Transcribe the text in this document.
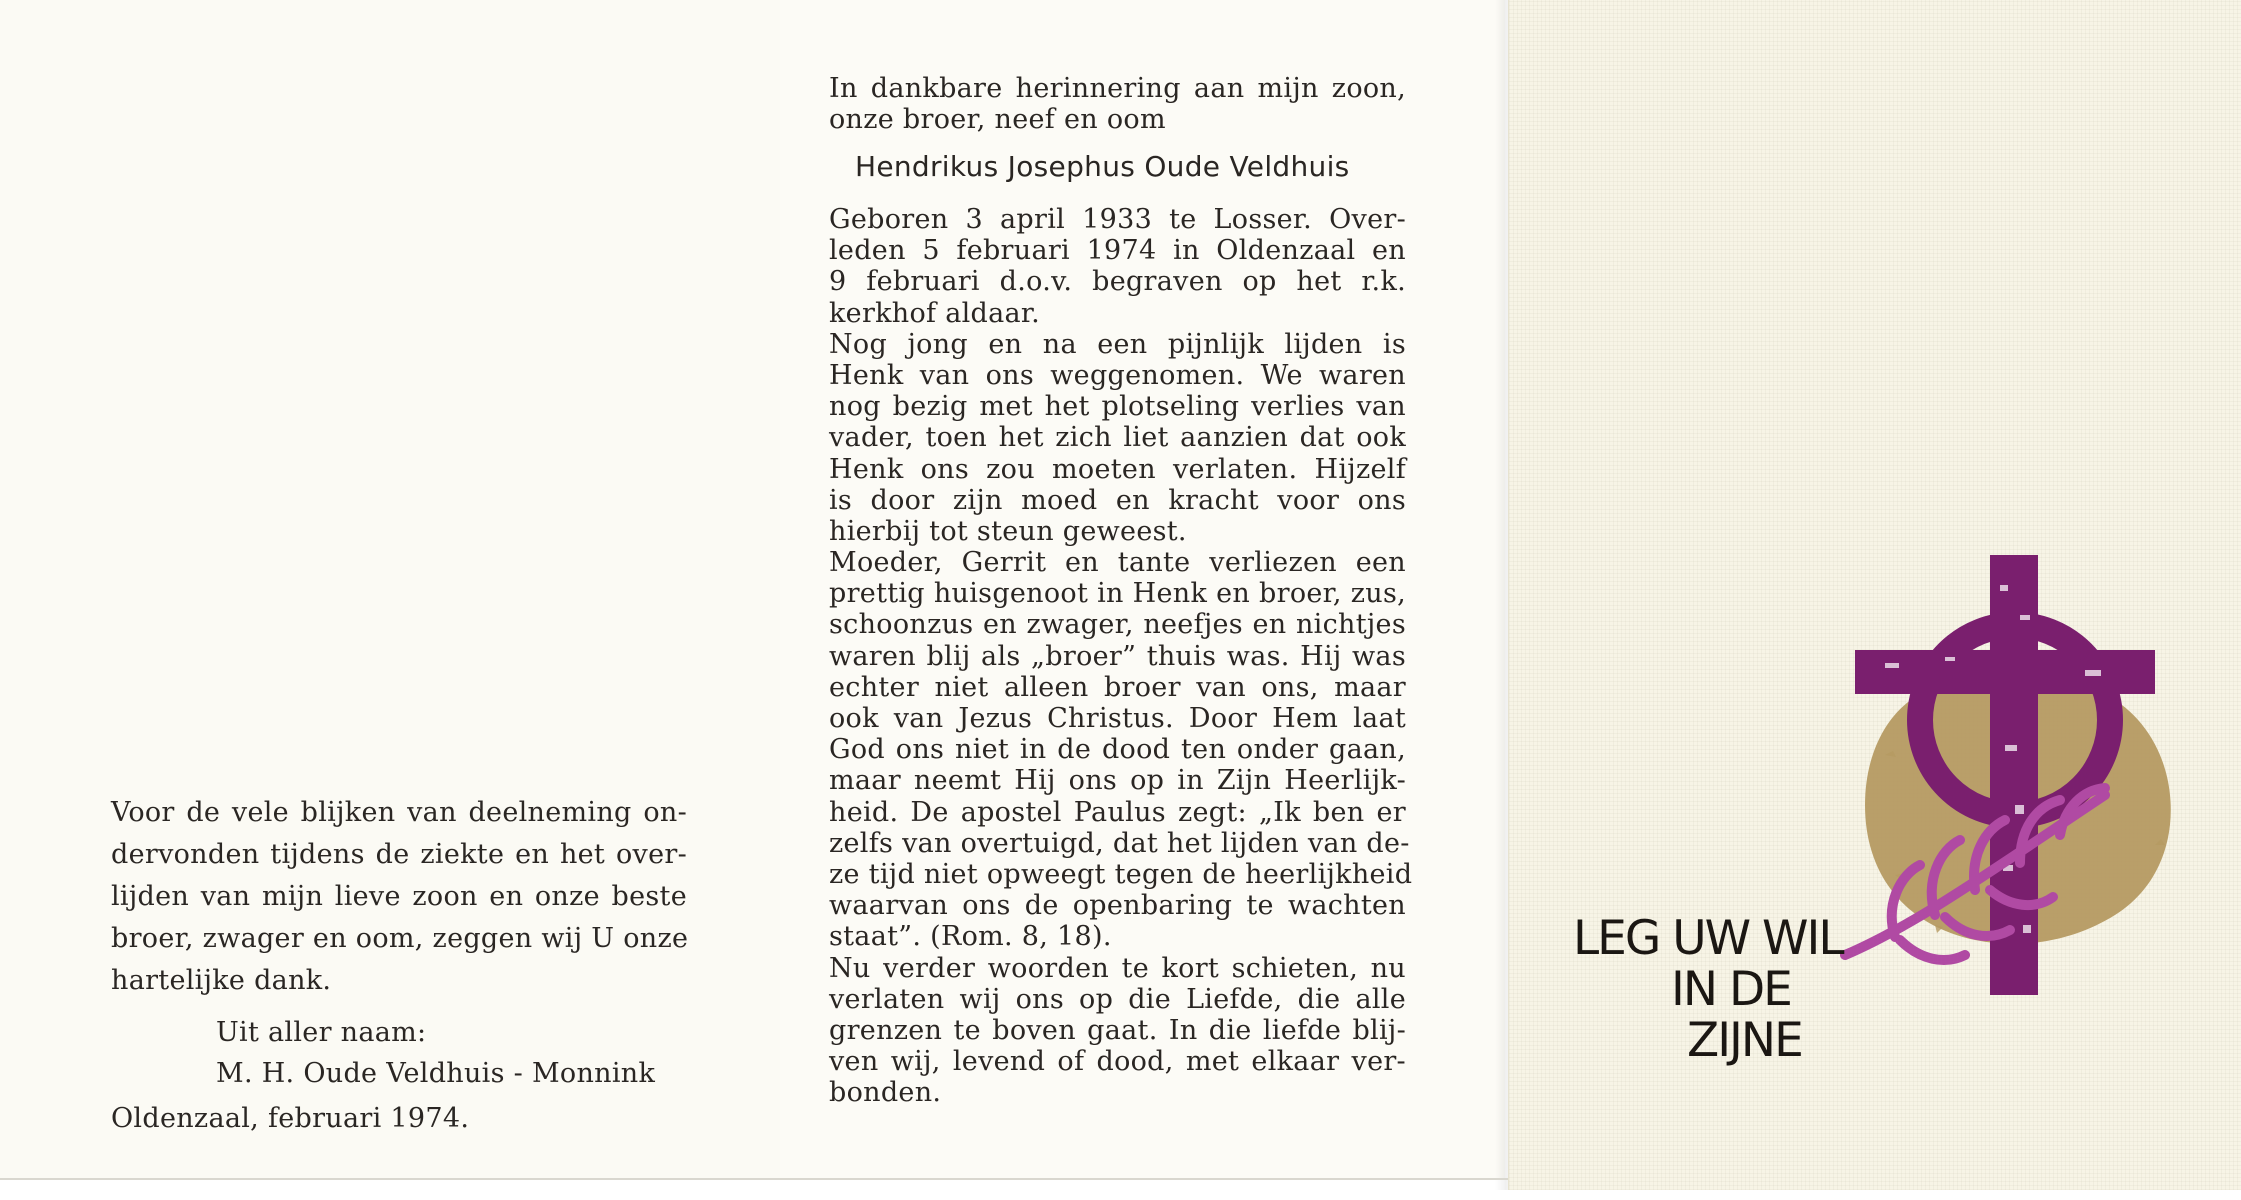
Voor de vele blijken van deelneming on-
dervonden tijdens de ziekte en het over-
lijden van mijn lieve zoon en onze beste
broer, zwager en oom, zeggen wij U onze
hartelijke dank.
Uit aller naam:
M. H. Oude Veldhuis - Monnink
Oldenzaal, februari 1974.
In dankbare herinnering aan mijn zoon,
onze broer, neef en oom
Hendrikus Josephus Oude Veldhuis
Geboren 3 april 1933 te Losser. Over-
leden 5 februari 1974 in Oldenzaal en
9 februari d.o.v. begraven op het r.k.
kerkhof aldaar.
Nog jong en na een pijnlijk lijden is
Henk van ons weggenomen. We waren
nog bezig met het plotseling verlies van
vader, toen het zich liet aanzien dat ook
Henk ons zou moeten verlaten. Hijzelf
is door zijn moed en kracht voor ons
hierbij tot steun geweest.
Moeder, Gerrit en tante verliezen een
prettig huisgenoot in Henk en broer, zus,
schoonzus en zwager, neefjes en nichtjes
waren blij als „broer” thuis was. Hij was
echter niet alleen broer van ons, maar
ook van Jezus Christus. Door Hem laat
God ons niet in de dood ten onder gaan,
maar neemt Hij ons op in Zijn Heerlijk-
heid. De apostel Paulus zegt: „Ik ben er
zelfs van overtuigd, dat het lijden van de-
ze tijd niet opweegt tegen de heerlijkheid
waarvan ons de openbaring te wachten
staat”. (Rom. 8, 18).
Nu verder woorden te kort schieten, nu
verlaten wij ons op die Liefde, die alle
grenzen te boven gaat. In die liefde blij-
ven wij, levend of dood, met elkaar ver-
bonden.
LEG UW WIL
IN DE
ZIJNE
